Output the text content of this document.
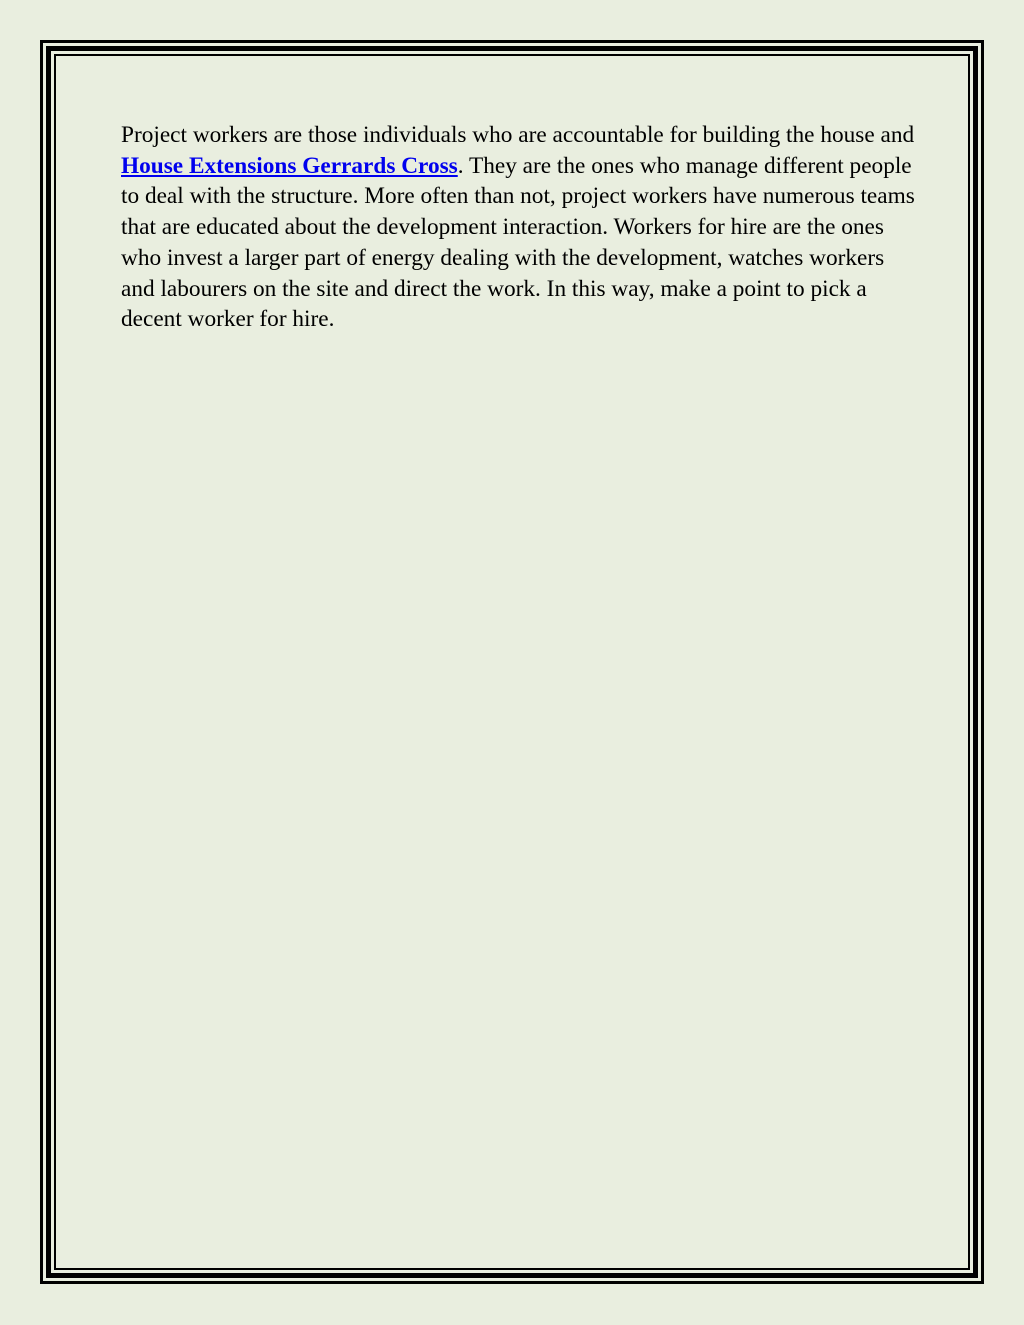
Project workers are those individuals who are accountable for building the house and House Extensions Gerrards Cross. They are the ones who manage different people to deal with the structure. More often than not, project workers have numerous teams that are educated about the development interaction. Workers for hire are the ones who invest a larger part of energy dealing with the development, watches workers and labourers on the site and direct the work. In this way, make a point to pick a decent worker for hire.
